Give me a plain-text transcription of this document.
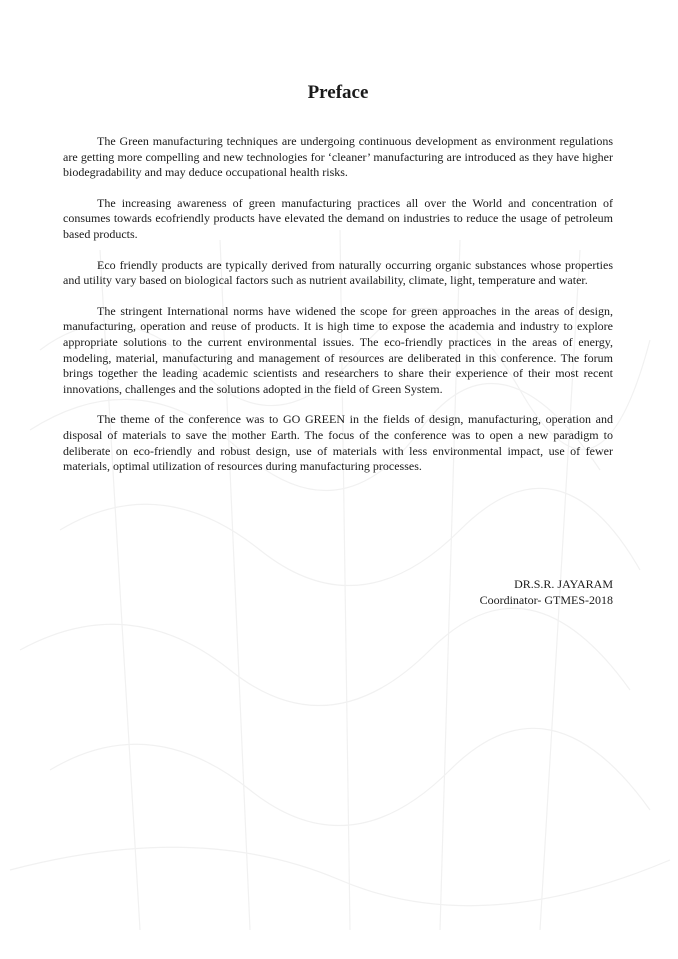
Preface

The Green manufacturing techniques are undergoing continuous development as environment regulations are getting more compelling and new technologies for ‘cleaner’ manufacturing are introduced as they have higher biodegradability and may deduce occupational health risks.

The increasing awareness of green manufacturing practices all over the World and concentration of consumes towards ecofriendly products have elevated the demand on industries to reduce the usage of petroleum based products.

Eco friendly products are typically derived from naturally occurring organic substances whose properties and utility vary based on biological factors such as nutrient availability, climate, light, temperature and water.

The stringent International norms have widened the scope for green approaches in the areas of design, manufacturing, operation and reuse of products. It is high time to expose the academia and industry to explore appropriate solutions to the current environmental issues. The eco-friendly practices in the areas of energy, modeling, material, manufacturing and management of resources are deliberated in this conference. The forum brings together the leading academic scientists and researchers to share their experience of their most recent innovations, challenges and the solutions adopted in the field of Green System.

The theme of the conference was to GO GREEN in the fields of design, manufacturing, operation and disposal of materials to save the mother Earth. The focus of the conference was to open a new paradigm to deliberate on eco-friendly and robust design, use of materials with less environmental impact, use of fewer materials, optimal utilization of resources during manufacturing processes.

DR.S.R. JAYARAM
Coordinator- GTMES-2018
